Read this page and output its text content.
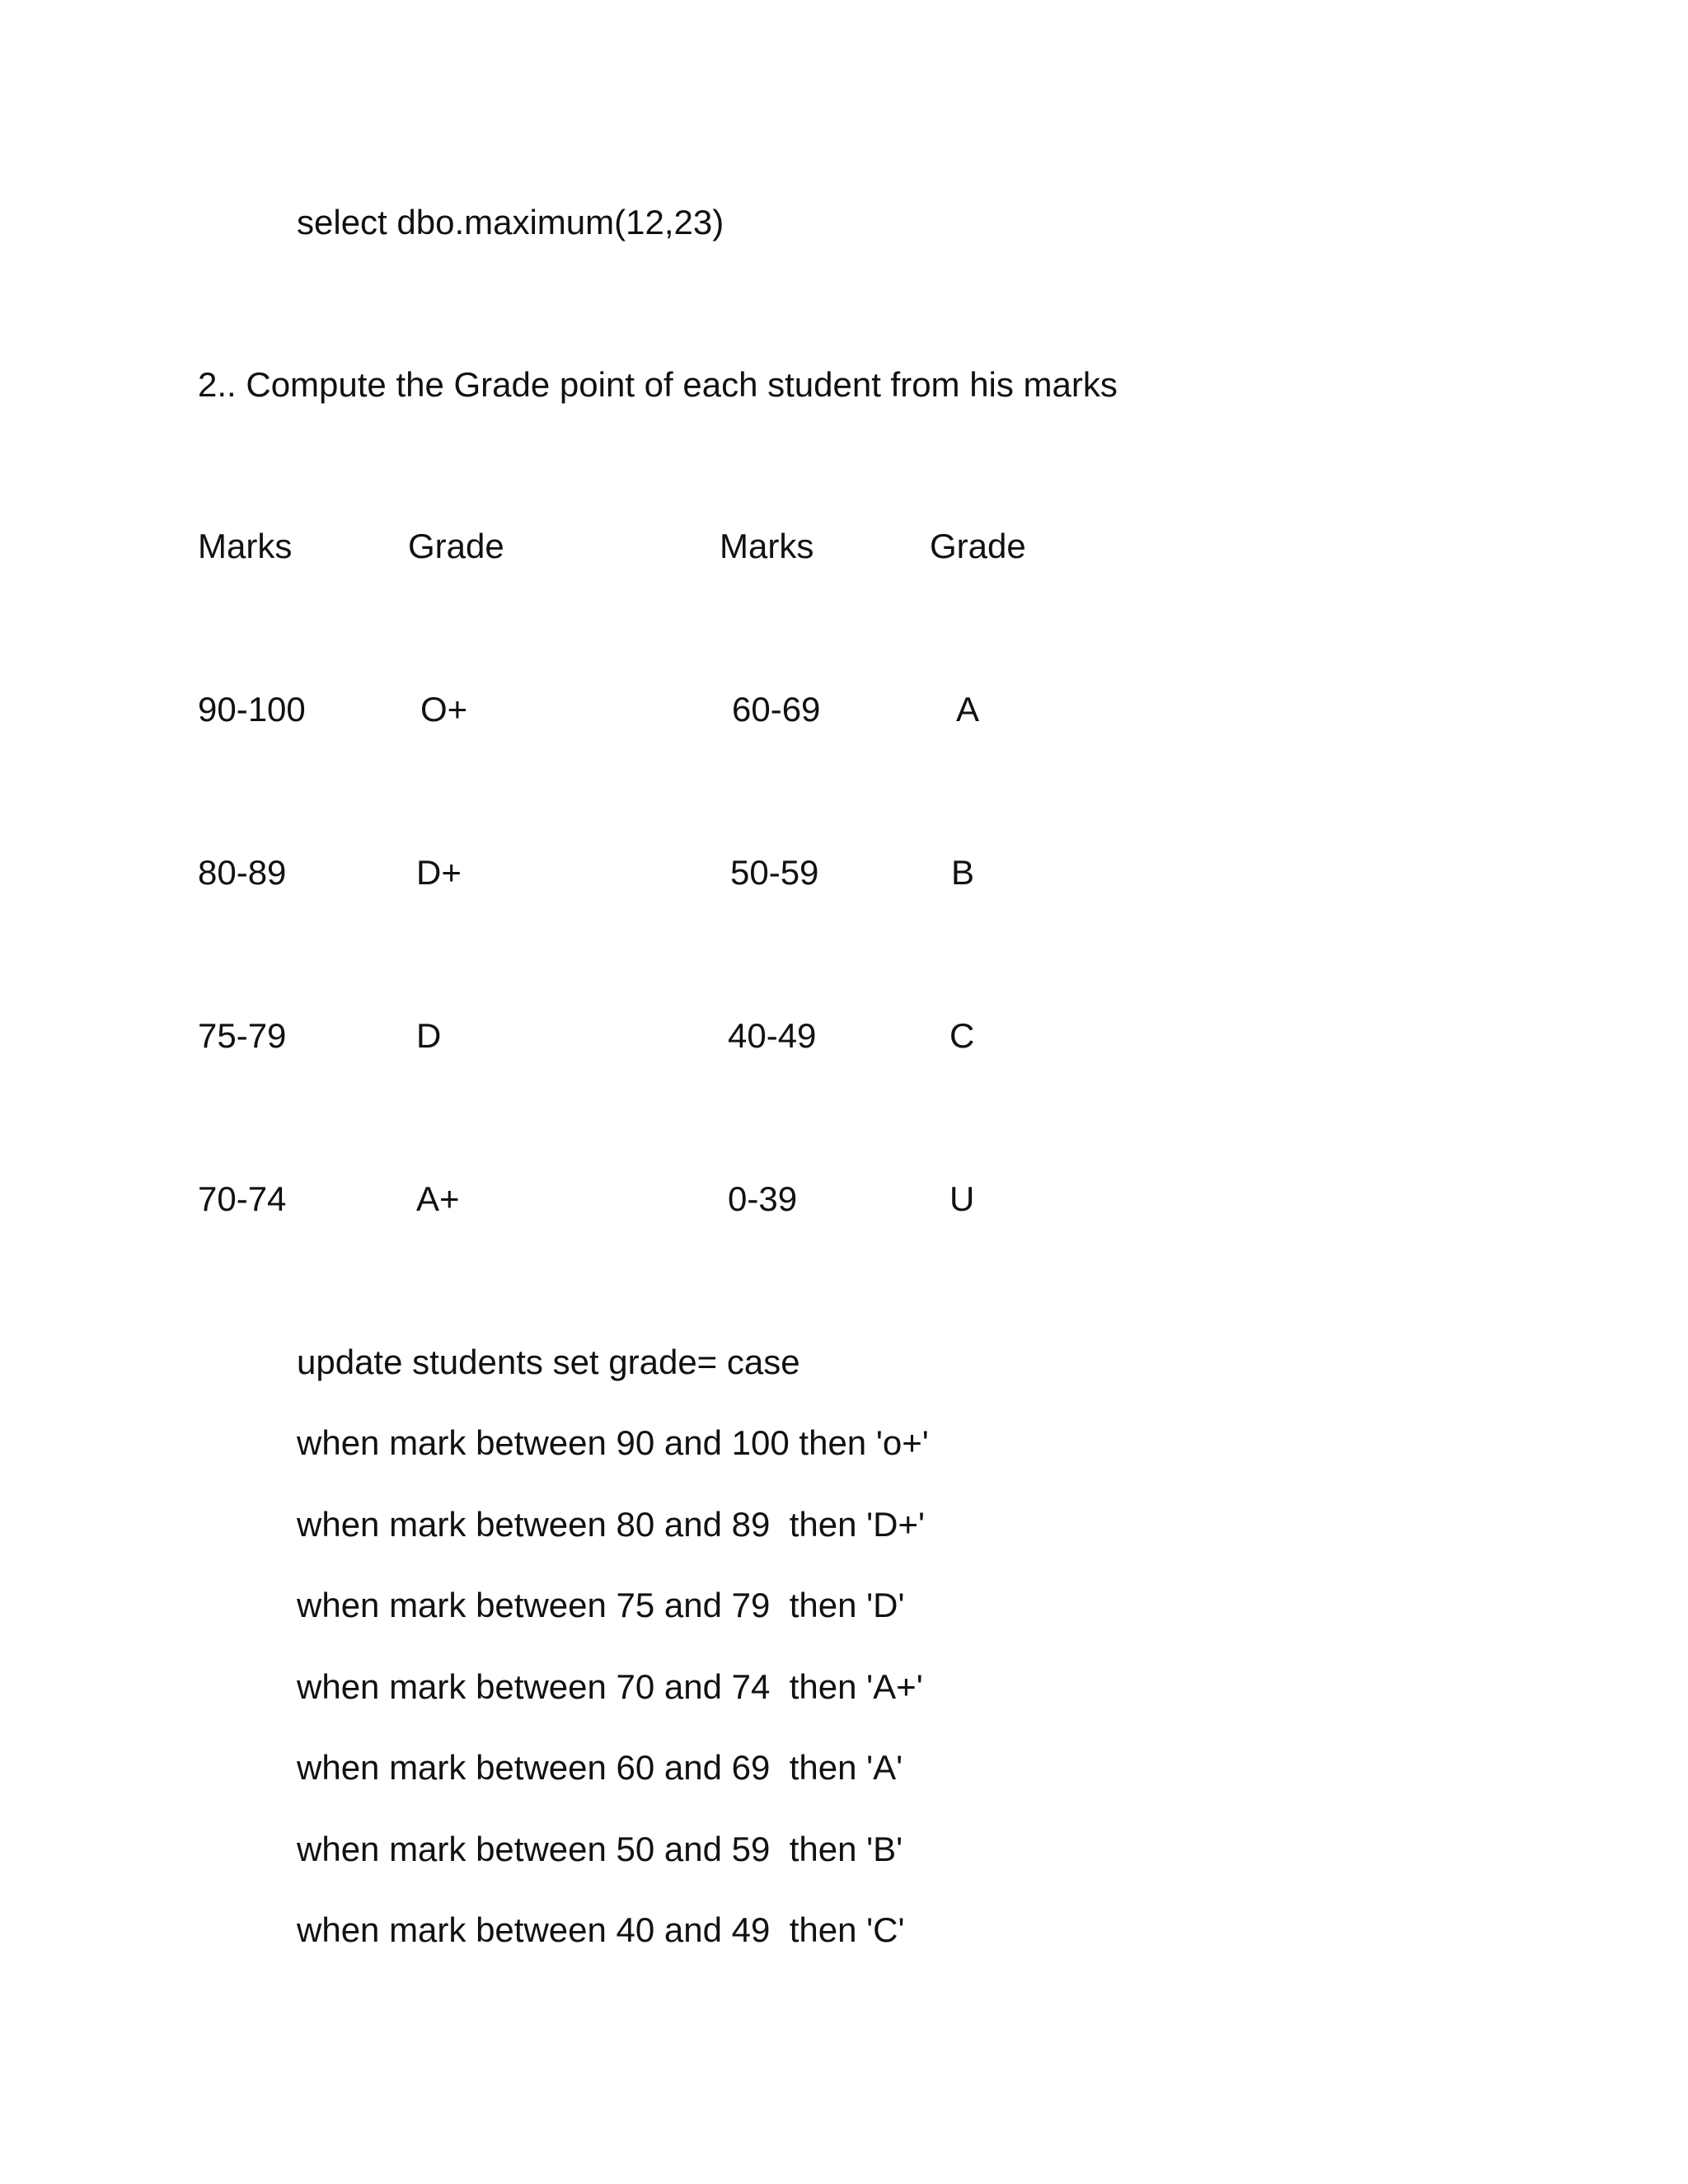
select dbo.maximum(12,23)
2.. Compute the Grade point of each student from his marks
Marks	Grade	Marks	Grade
90-100	O+	60-69	A
80-89	D+	50-59	B
75-79	D	40-49	C
70-74	A+	0-39	U
update students set grade= case
when mark between 90 and 100 then 'o+'
when mark between 80 and 89  then 'D+'
when mark between 75 and 79  then 'D'
when mark between 70 and 74  then 'A+'
when mark between 60 and 69  then 'A'
when mark between 50 and 59  then 'B'
when mark between 40 and 49  then 'C'
